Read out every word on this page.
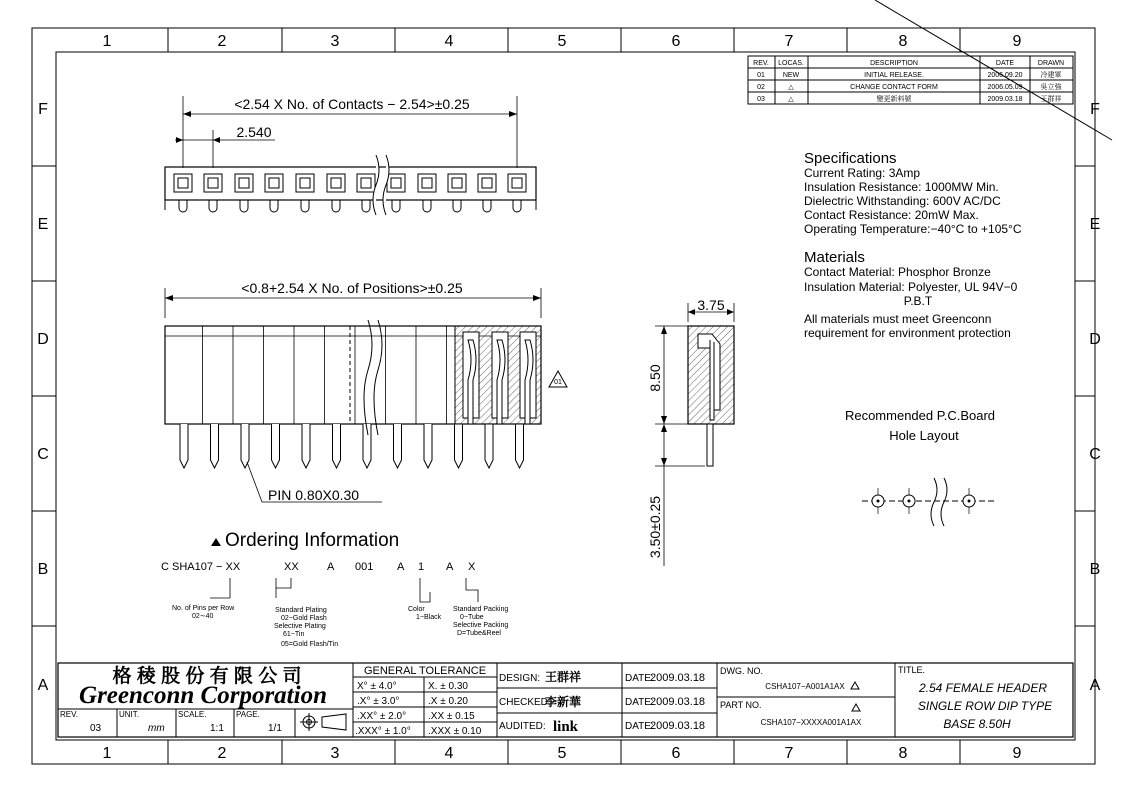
1	2	3	4	5	6	7	8	9
1	2	3	4	5	6	7	8	9
F
E
D
C
B
A
F
E
D
C
B
A
REV. LOCAS.	DESCRIPTION	DATE	DRAWN
01	NEW	INITIAL RELEASE.	2006.09.20	冷建軍
02	△	CHANGE CONTACT FORM	2006.05.09	吳立強
03	△	變更新料號	2009.03.18	王群祥
<2.54 X No. of Contacts − 2.54>±0.25
2.540
<0.8+2.54 X No. of Positions>±0.25
01
PIN 0.80X0.30
3.75
8.50
3.50±0.25
Specifications
Current Rating: 3Amp
Insulation Resistance: 1000MW Min.
Dielectric Withstanding: 600V AC/DC
Contact Resistance: 20mW Max.
Operating Temperature:−40°C to +105°C
Materials
Contact Material: Phosphor Bronze
Insulation Material: Polyester, UL 94V−0
P.B.T
All materials must meet Greenconn
requirement for environment protection
Recommended P.C.Board
Hole Layout
Ordering Information
C SHA107 − XX	XX	A 001 A 1 A X
No. of Pins per Row
02∼40
Standard Plating
02−Gold Flash
Selective Plating
61−Tin
05=Gold Flash/Tin
Color
1−Black
Standard Packing
0−Tube
Selective Packing
D=Tube&Reel
格 稜 股 份 有 限 公 司
Greenconn Corporation
REV.
03
UNIT.
mm
SCALE.
1:1
PAGE.
1/1
GENERAL TOLERANCE
X° ± 4.0°	X. ± 0.30
.X° ± 3.0°	.X ± 0.20
.XX° ± 2.0° .XX ± 0.15
.XXX° ± 1.0° .XXX ± 0.10
DESIGN: 王群祥
CHECKED:
李新華
AUDITED: link
DATE:
2009.03.18
DATE:
2009.03.18
DATE:
2009.03.18
DWG. NO.
CSHA107−A001A1AX
PART NO.
CSHA107−XXXXA001A1AX
TITLE.
2.54 FEMALE HEADER
SINGLE ROW DIP TYPE
BASE 8.50H
